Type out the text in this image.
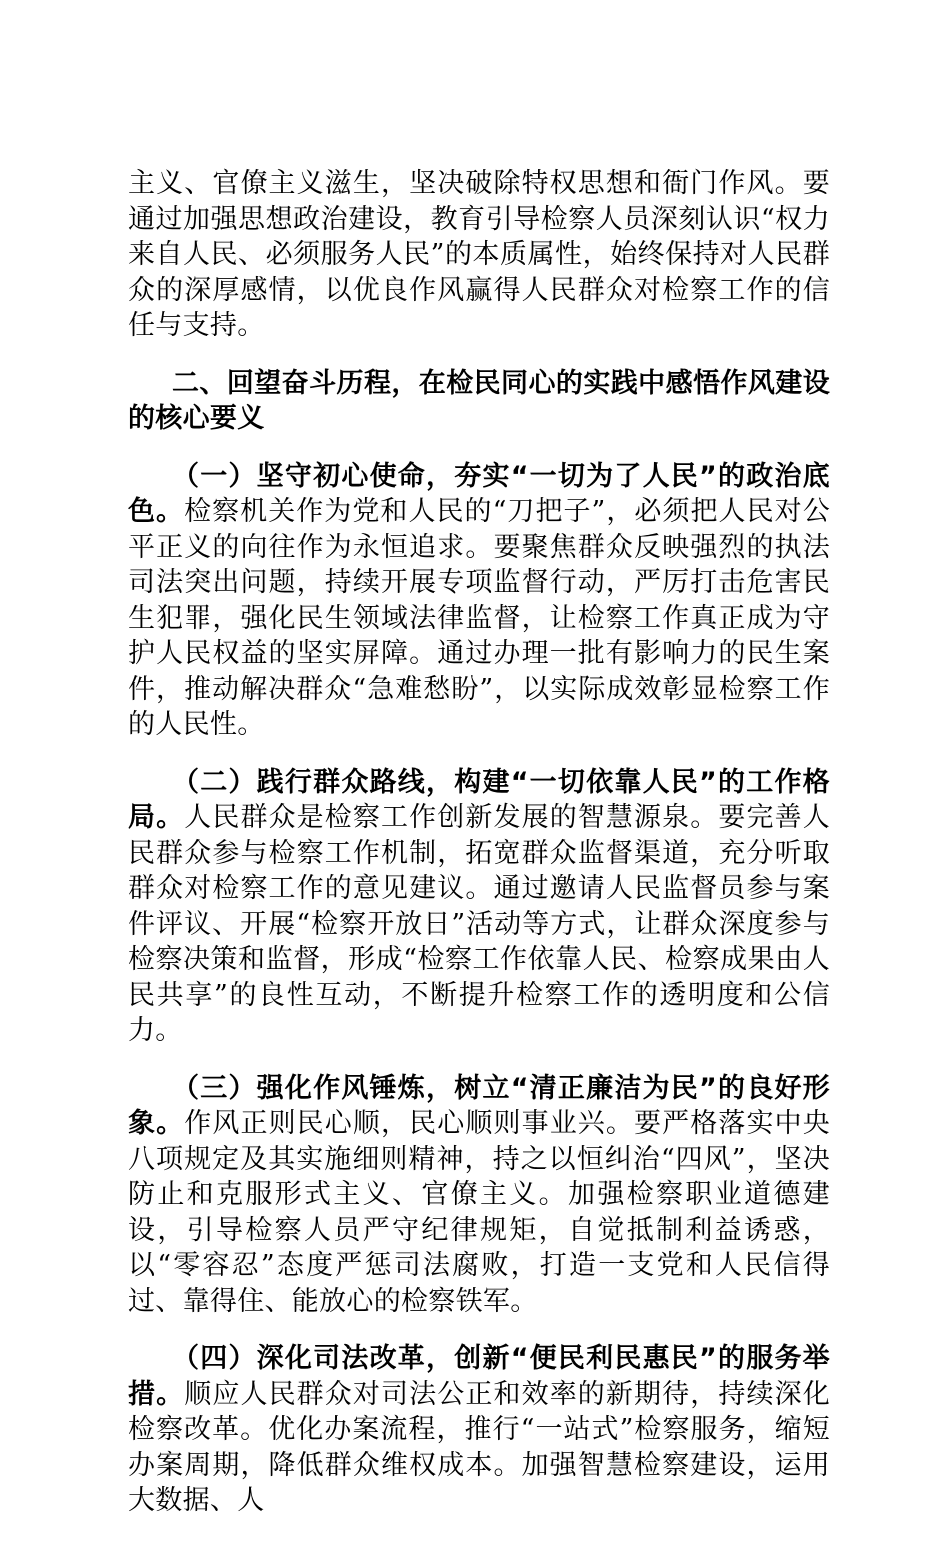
主义、官僚主义滋生，坚决破除特权思想和衙门作风。要通过加强思想政治建设，教育引导检察人员深刻认识“权力来自人民、必须服务人民”的本质属性，始终保持对人民群众的深厚感情，以优良作风赢得人民群众对检察工作的信任与支持。

二、回望奋斗历程，在检民同心的实践中感悟作风建设的核心要义

（一）坚守初心使命，夯实“一切为了人民”的政治底色。检察机关作为党和人民的“刀把子”，必须把人民对公平正义的向往作为永恒追求。要聚焦群众反映强烈的执法司法突出问题，持续开展专项监督行动，严厉打击危害民生犯罪，强化民生领域法律监督，让检察工作真正成为守护人民权益的坚实屏障。通过办理一批有影响力的民生案件，推动解决群众“急难愁盼”，以实际成效彰显检察工作的人民性。

（二）践行群众路线，构建“一切依靠人民”的工作格局。人民群众是检察工作创新发展的智慧源泉。要完善人民群众参与检察工作机制，拓宽群众监督渠道，充分听取群众对检察工作的意见建议。通过邀请人民监督员参与案件评议、开展“检察开放日”活动等方式，让群众深度参与检察决策和监督，形成“检察工作依靠人民、检察成果由人民共享”的良性互动，不断提升检察工作的透明度和公信力。

（三）强化作风锤炼，树立“清正廉洁为民”的良好形象。作风正则民心顺，民心顺则事业兴。要严格落实中央八项规定及其实施细则精神，持之以恒纠治“四风”，坚决防止和克服形式主义、官僚主义。加强检察职业道德建设，引导检察人员严守纪律规矩，自觉抵制利益诱惑，以“零容忍”态度严惩司法腐败，打造一支党和人民信得过、靠得住、能放心的检察铁军。

（四）深化司法改革，创新“便民利民惠民”的服务举措。顺应人民群众对司法公正和效率的新期待，持续深化检察改革。优化办案流程，推行“一站式”检察服务，缩短办案周期，降低群众维权成本。加强智慧检察建设，运用大数据、人
